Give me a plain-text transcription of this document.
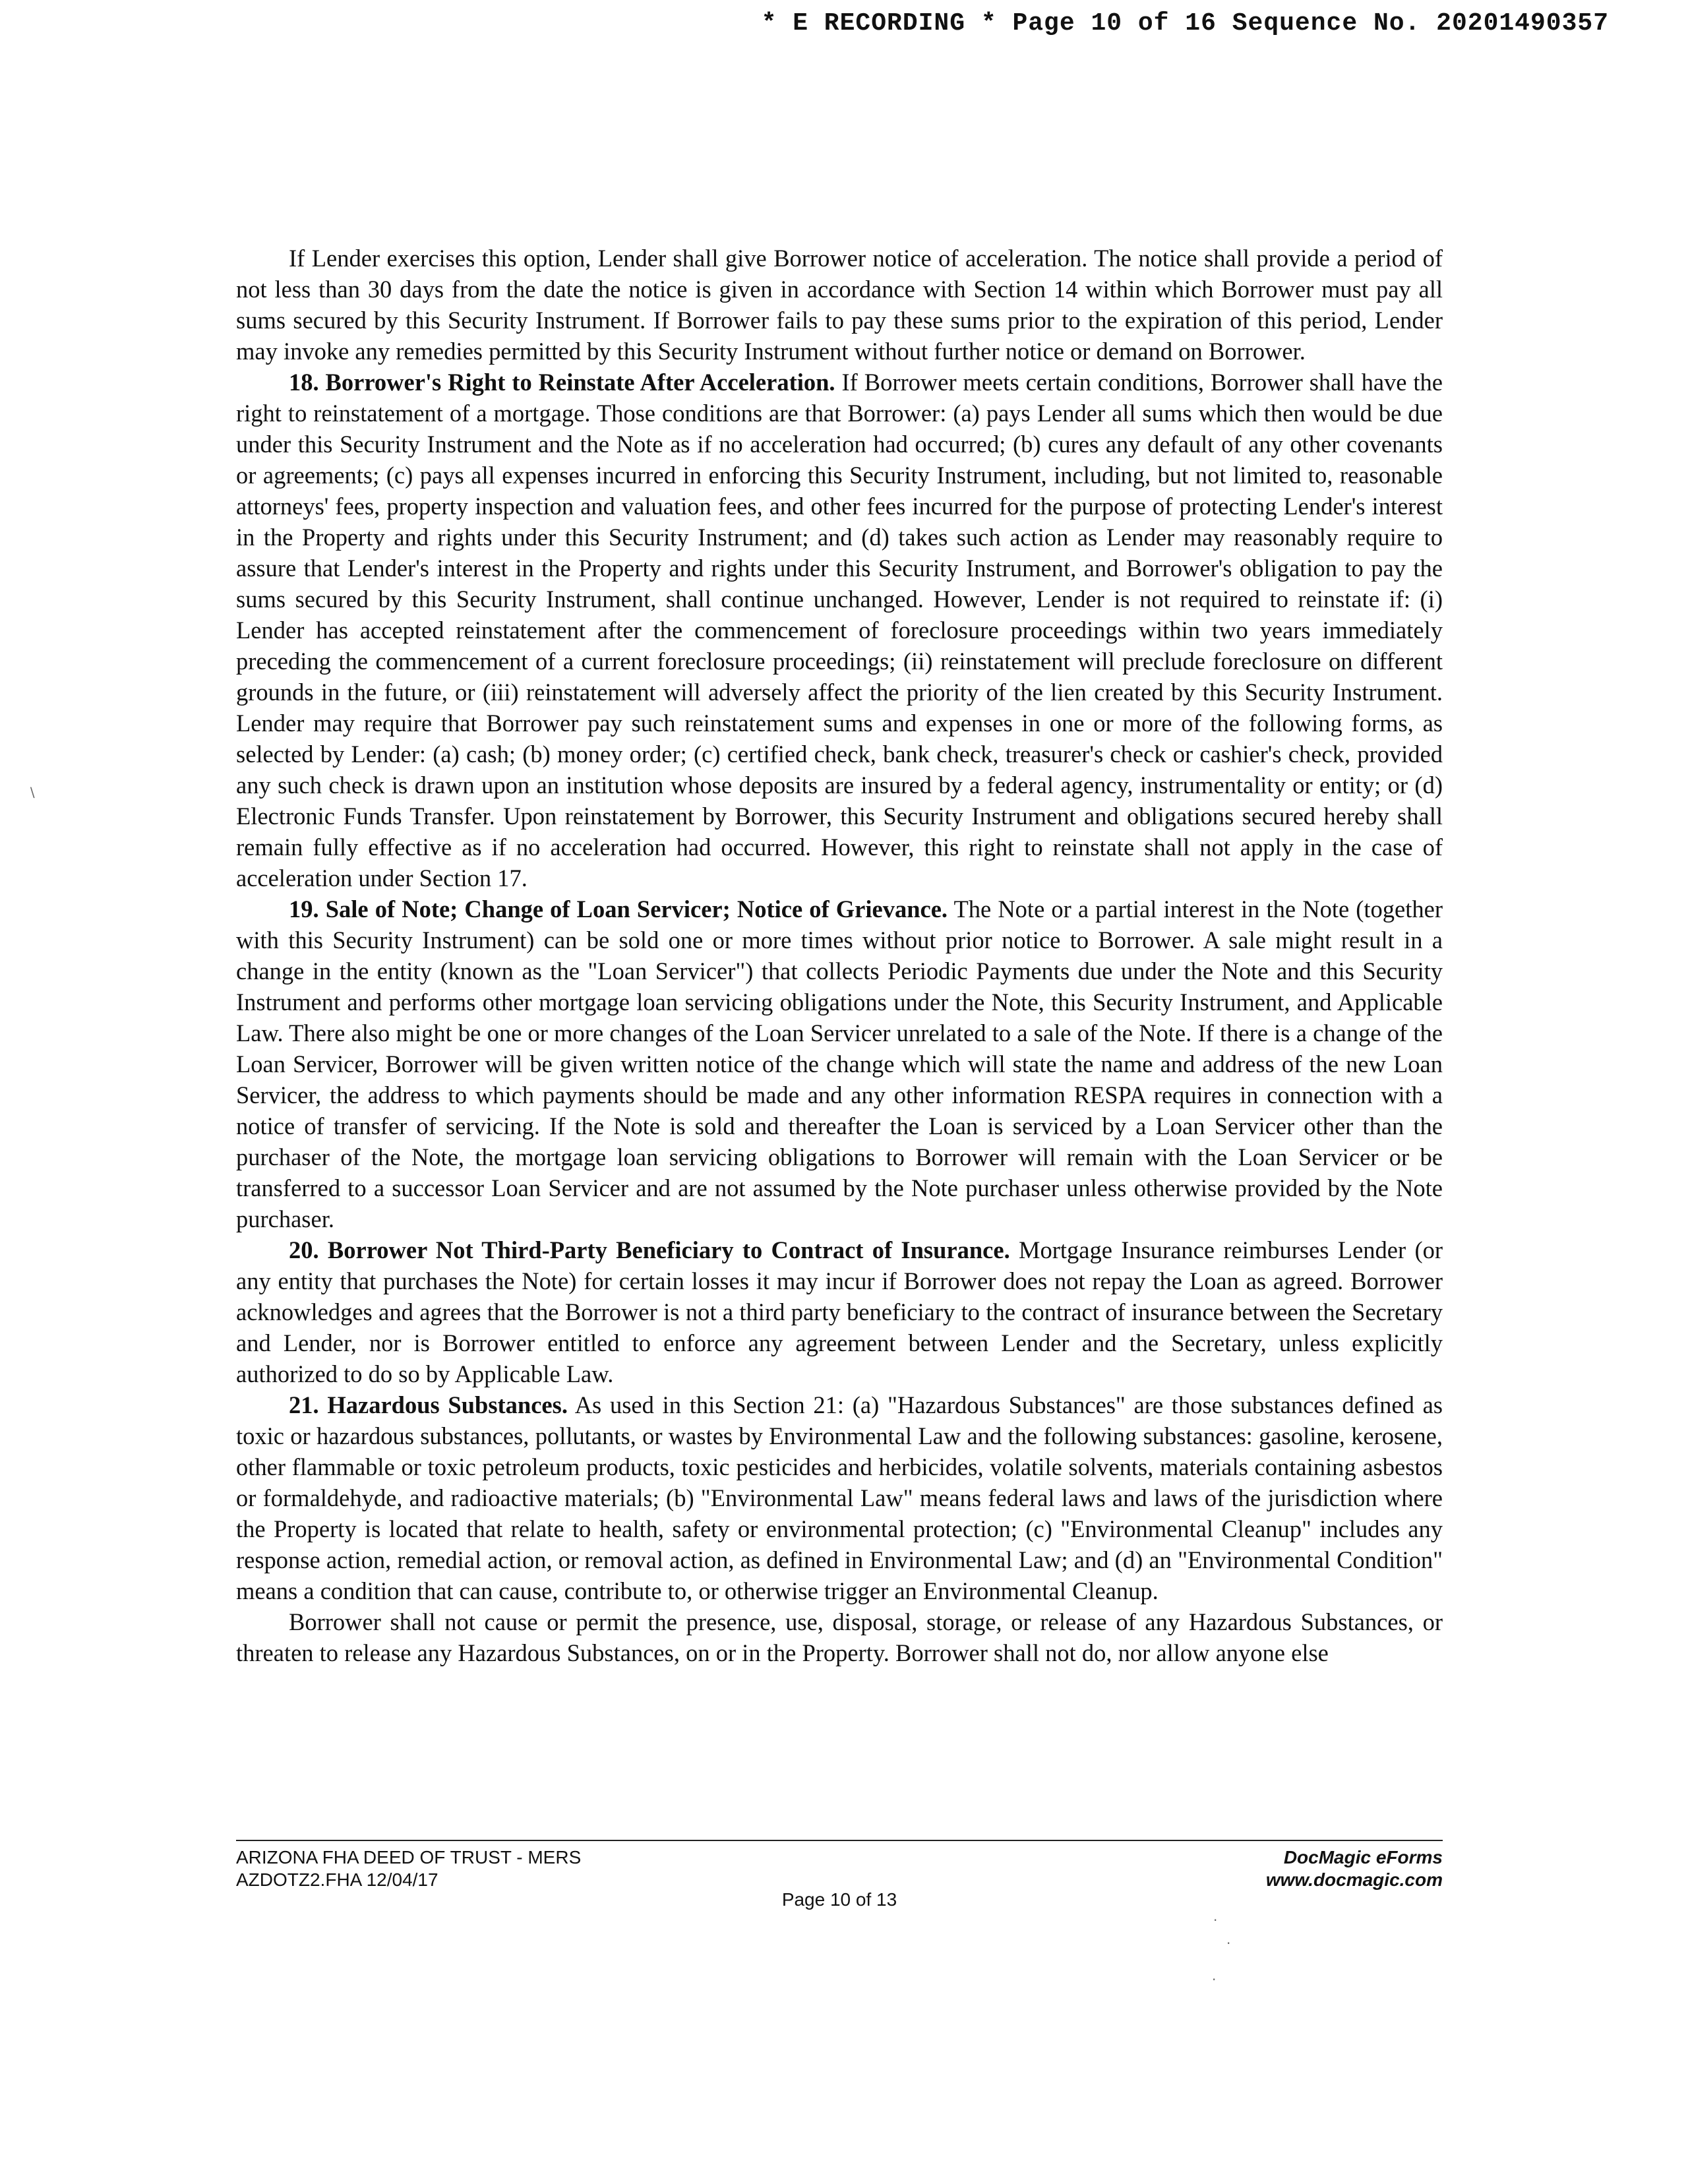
* E RECORDING * Page 10 of 16 Sequence No. 20201490357

If Lender exercises this option, Lender shall give Borrower notice of acceleration. The notice shall provide a period of not less than 30 days from the date the notice is given in accordance with Section 14 within which Borrower must pay all sums secured by this Security Instrument. If Borrower fails to pay these sums prior to the expiration of this period, Lender may invoke any remedies permitted by this Security Instrument without further notice or demand on Borrower.

18. Borrower's Right to Reinstate After Acceleration. If Borrower meets certain conditions, Borrower shall have the right to reinstatement of a mortgage. Those conditions are that Borrower: (a) pays Lender all sums which then would be due under this Security Instrument and the Note as if no acceleration had occurred; (b) cures any default of any other covenants or agreements; (c) pays all expenses incurred in enforcing this Security Instrument, including, but not limited to, reasonable attorneys' fees, property inspection and valuation fees, and other fees incurred for the purpose of protecting Lender's interest in the Property and rights under this Security Instrument; and (d) takes such action as Lender may reasonably require to assure that Lender's interest in the Property and rights under this Security Instrument, and Borrower's obligation to pay the sums secured by this Security Instrument, shall continue unchanged. However, Lender is not required to reinstate if: (i) Lender has accepted reinstatement after the commencement of foreclosure proceedings within two years immediately preceding the commencement of a current foreclosure proceedings; (ii) reinstatement will preclude foreclosure on different grounds in the future, or (iii) reinstatement will adversely affect the priority of the lien created by this Security Instrument. Lender may require that Borrower pay such reinstatement sums and expenses in one or more of the following forms, as selected by Lender: (a) cash; (b) money order; (c) certified check, bank check, treasurer's check or cashier's check, provided any such check is drawn upon an institution whose deposits are insured by a federal agency, instrumentality or entity; or (d) Electronic Funds Transfer. Upon reinstatement by Borrower, this Security Instrument and obligations secured hereby shall remain fully effective as if no acceleration had occurred. However, this right to reinstate shall not apply in the case of acceleration under Section 17.

19. Sale of Note; Change of Loan Servicer; Notice of Grievance. The Note or a partial interest in the Note (together with this Security Instrument) can be sold one or more times without prior notice to Borrower. A sale might result in a change in the entity (known as the "Loan Servicer") that collects Periodic Payments due under the Note and this Security Instrument and performs other mortgage loan servicing obligations under the Note, this Security Instrument, and Applicable Law. There also might be one or more changes of the Loan Servicer unrelated to a sale of the Note. If there is a change of the Loan Servicer, Borrower will be given written notice of the change which will state the name and address of the new Loan Servicer, the address to which payments should be made and any other information RESPA requires in connection with a notice of transfer of servicing. If the Note is sold and thereafter the Loan is serviced by a Loan Servicer other than the purchaser of the Note, the mortgage loan servicing obligations to Borrower will remain with the Loan Servicer or be transferred to a successor Loan Servicer and are not assumed by the Note purchaser unless otherwise provided by the Note purchaser.

20. Borrower Not Third-Party Beneficiary to Contract of Insurance. Mortgage Insurance reimburses Lender (or any entity that purchases the Note) for certain losses it may incur if Borrower does not repay the Loan as agreed. Borrower acknowledges and agrees that the Borrower is not a third party beneficiary to the contract of insurance between the Secretary and Lender, nor is Borrower entitled to enforce any agreement between Lender and the Secretary, unless explicitly authorized to do so by Applicable Law.

21. Hazardous Substances. As used in this Section 21: (a) "Hazardous Substances" are those substances defined as toxic or hazardous substances, pollutants, or wastes by Environmental Law and the following substances: gasoline, kerosene, other flammable or toxic petroleum products, toxic pesticides and herbicides, volatile solvents, materials containing asbestos or formaldehyde, and radioactive materials; (b) "Environmental Law" means federal laws and laws of the jurisdiction where the Property is located that relate to health, safety or environmental protection; (c) "Environmental Cleanup" includes any response action, remedial action, or removal action, as defined in Environmental Law; and (d) an "Environmental Condition" means a condition that can cause, contribute to, or otherwise trigger an Environmental Cleanup.

Borrower shall not cause or permit the presence, use, disposal, storage, or release of any Hazardous Substances, or threaten to release any Hazardous Substances, on or in the Property. Borrower shall not do, nor allow anyone else

ARIZONA FHA DEED OF TRUST - MERS
AZDOTZ2.FHA 12/04/17
DocMagic eForms
www.docmagic.com
Page 10 of 13
∖
·
·
·
